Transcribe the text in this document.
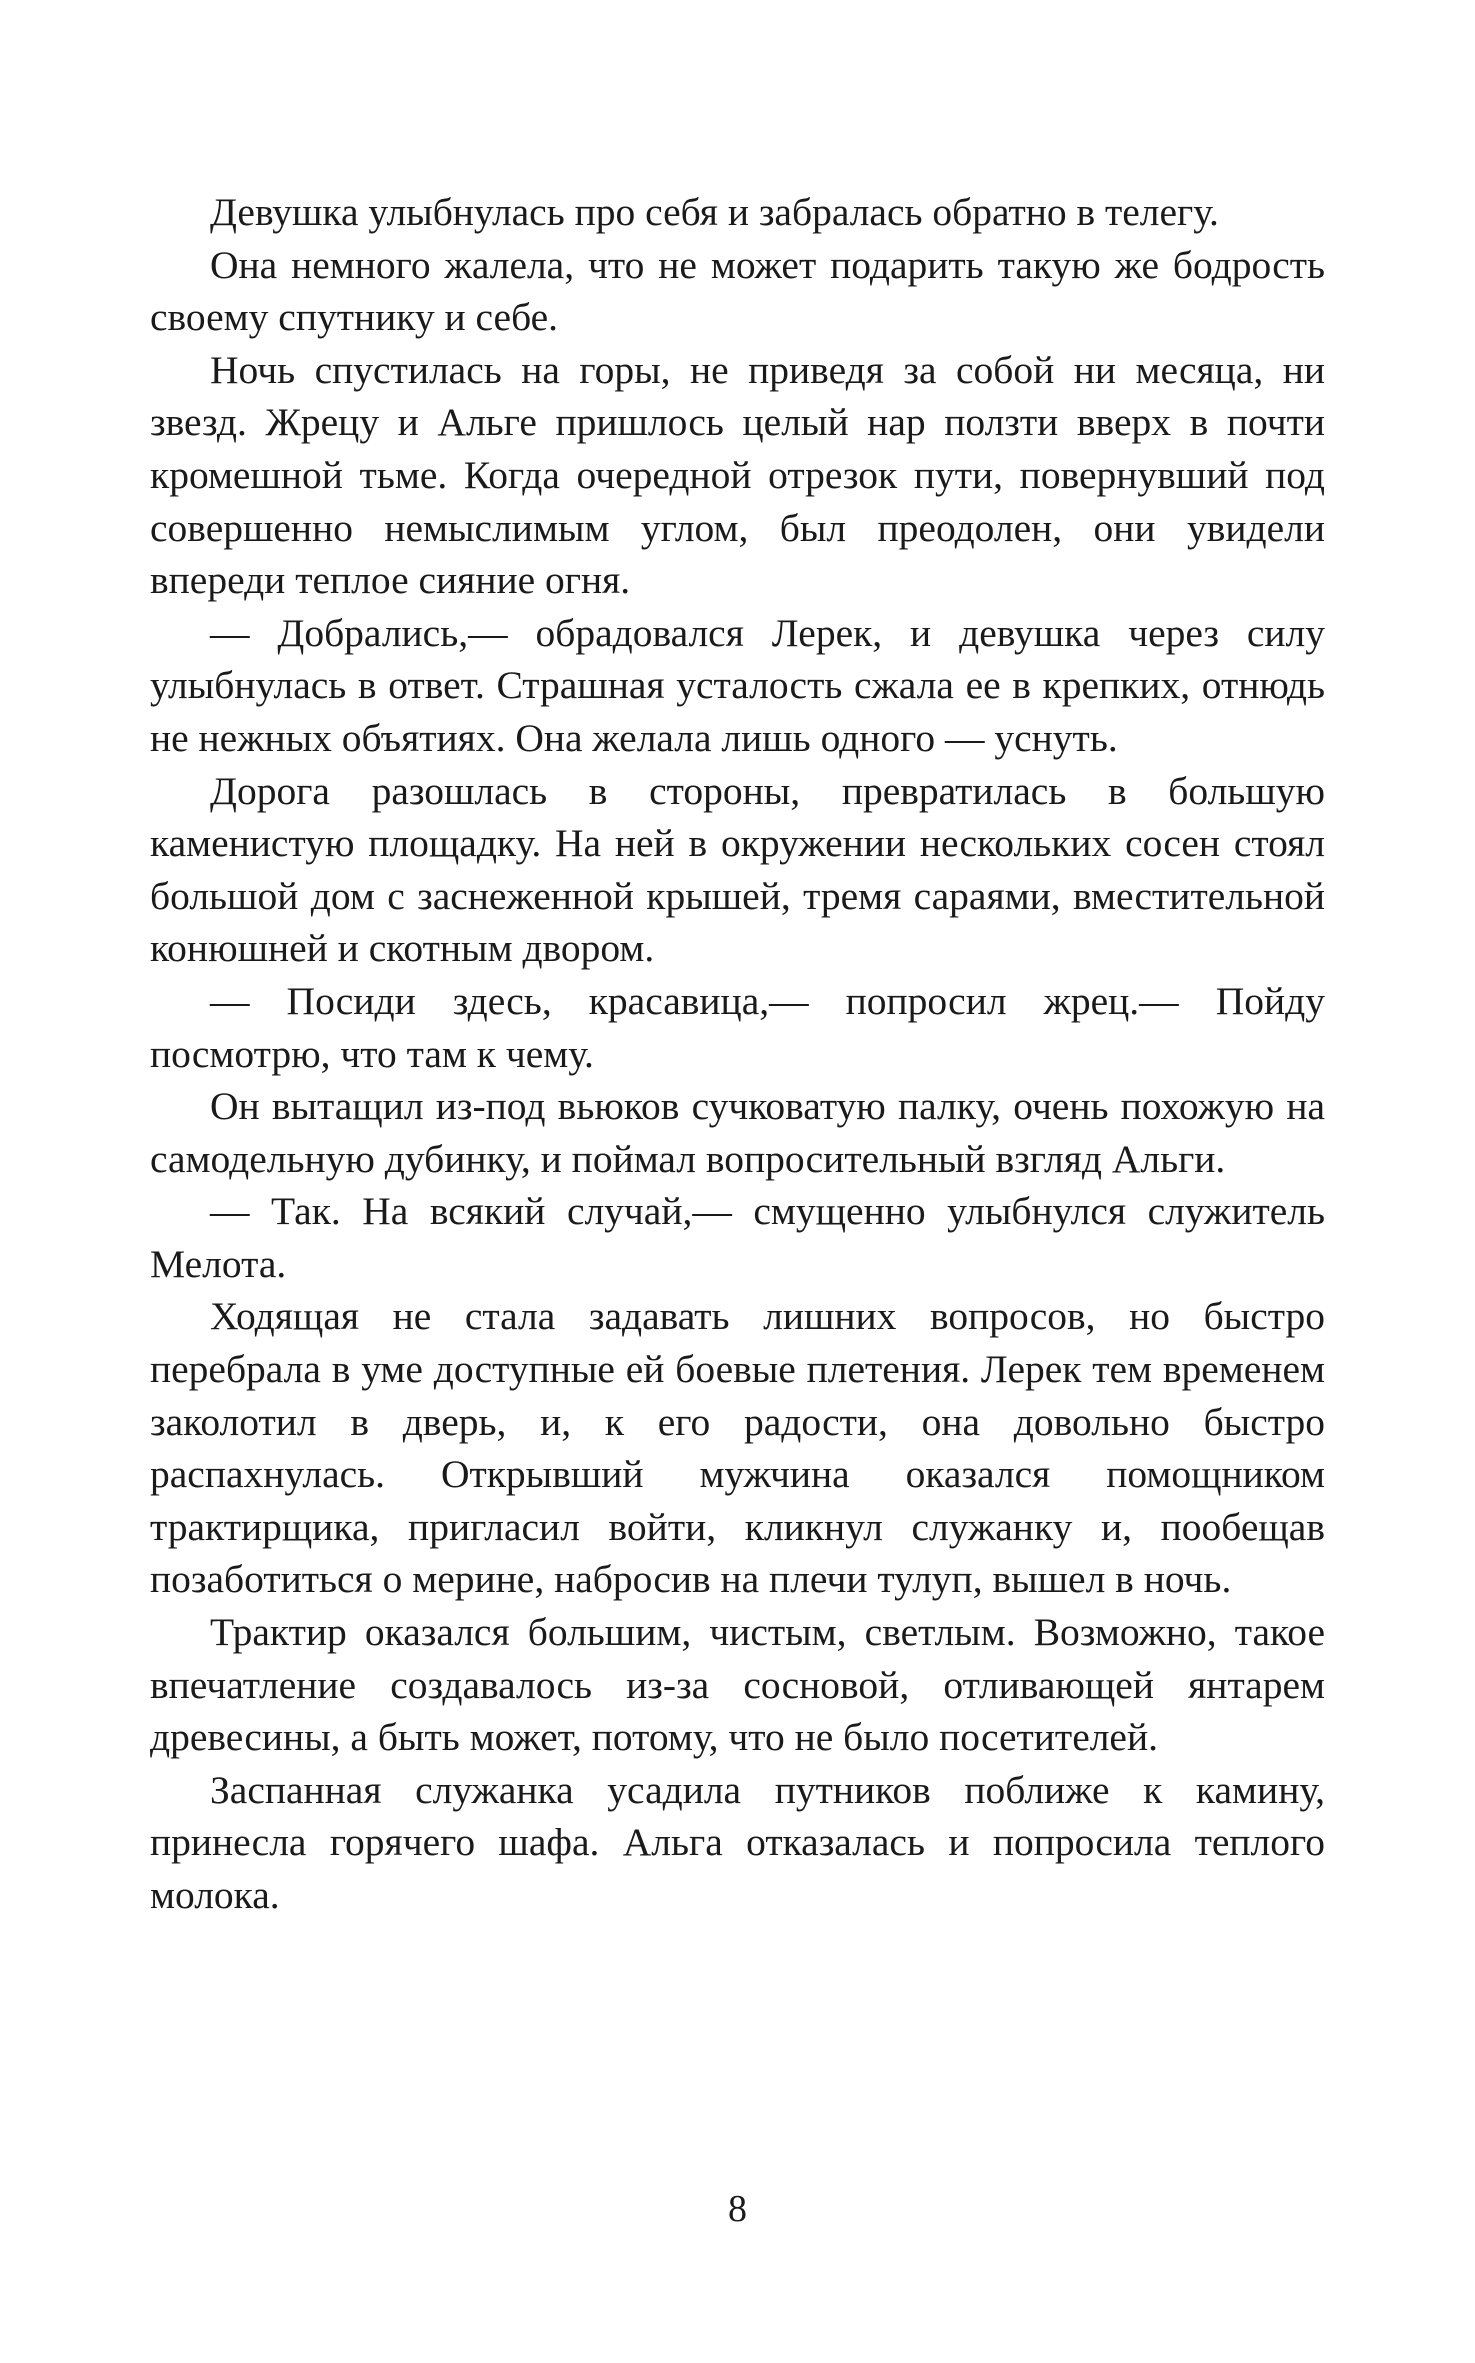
Девушка улыбнулась про себя и забралась обратно в телегу.

Она немного жалела, что не может подарить такую же бодрость своему спутнику и себе.

Ночь спустилась на горы, не приведя за собой ни месяца, ни звезд. Жрецу и Альге пришлось целый нар ползти вверх в почти кромешной тьме. Когда очередной отрезок пути, повернувший под совершенно немыслимым углом, был преодолен, они увидели впереди теплое сияние огня.

— Добрались,— обрадовался Лерек, и девушка через силу улыбнулась в ответ. Страшная усталость сжала ее в крепких, отнюдь не нежных объятиях. Она желала лишь одного — уснуть.

Дорога разошлась в стороны, превратилась в большую каменистую площадку. На ней в окружении нескольких сосен стоял большой дом с заснеженной крышей, тремя сараями, вместительной конюшней и скотным двором.

— Посиди здесь, красавица,— попросил жрец.— Пойду посмотрю, что там к чему.

Он вытащил из-под вьюков сучковатую палку, очень похожую на самодельную дубинку, и поймал вопросительный взгляд Альги.

— Так. На всякий случай,— смущенно улыбнулся служитель Мелота.

Ходящая не стала задавать лишних вопросов, но быстро перебрала в уме доступные ей боевые плетения. Лерек тем временем заколотил в дверь, и, к его радости, она довольно быстро распахнулась. Открывший мужчина оказался помощником трактирщика, пригласил войти, кликнул служанку и, пообещав позаботиться о мерине, набросив на плечи тулуп, вышел в ночь.

Трактир оказался большим, чистым, светлым. Возможно, такое впечатление создавалось из-за сосновой, отливающей янтарем древесины, а быть может, потому, что не было посетителей.

Заспанная служанка усадила путников поближе к камину, принесла горячего шафа. Альга отказалась и попросила теплого молока.

8
